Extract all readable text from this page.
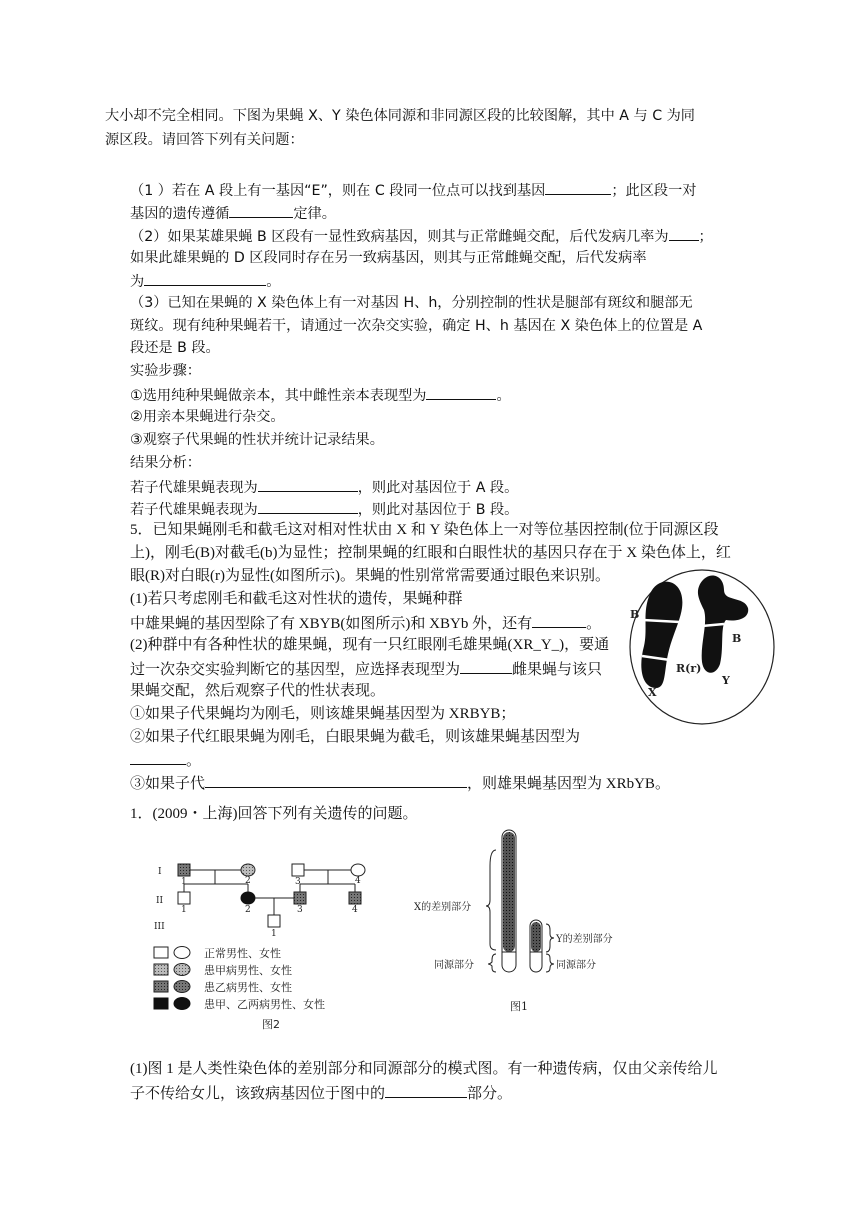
大小却不完全相同。下图为果蝇 X、Y 染色体同源和非同源区段的比较图解，其中 A 与 C 为同
源区段。请回答下列有关问题：
（1 ）若在 A 段上有一基因“E”，则在 C 段同一位点可以找到基因	；此区段一对
基因的遗传遵循	定律。
（2）如果某雄果蝇 B 区段有一显性致病基因，则其与正常雌蝇交配，后代发病几率为 ；
如果此雄果蝇的 D 区段同时存在另一致病基因，则其与正常雌蝇交配，后代发病率
为	。
（3）已知在果蝇的 X 染色体上有一对基因 H、h，分别控制的性状是腿部有斑纹和腿部无
斑纹。现有纯种果蝇若干，请通过一次杂交实验，确定 H、h 基因在 X 染色体上的位置是 A
段还是 B 段。
实验步骤：
①选用纯种果蝇做亲本，其中雌性亲本表现型为	。
②用亲本果蝇进行杂交。
③观察子代果蝇的性状并统计记录结果。
结果分析：
若子代雄果蝇表现为	，则此对基因位于 A 段。
若子代雄果蝇表现为	，则此对基因位于 B 段。
5．已知果蝇刚毛和截毛这对相对性状由 X 和 Y 染色体上一对等位基因控制(位于同源区段
上)，刚毛(B)对截毛(b)为显性；控制果蝇的红眼和白眼性状的基因只存在于 X 染色体上，红
眼(R)对白眼(r)为显性(如图所示)。果蝇的性别常常需要通过眼色来识别。
(1)若只考虑刚毛和截毛这对性状的遗传，果蝇种群
中雄果蝇的基因型除了有 XBYB(如图所示)和 XBYb 外，还有	。
(2)种群中有各种性状的雄果蝇，现有一只红眼刚毛雄果蝇(XR_Y_)，要通
过一次杂交实验判断它的基因型，应选择表现型为	雌果蝇与该只
果蝇交配，然后观察子代的性状表现。
①如果子代果蝇均为刚毛，则该雄果蝇基因型为 XRBYB；
②如果子代红眼果蝇为刚毛，白眼果蝇为截毛，则该雄果蝇基因型为
。
③如果子代	，则雄果蝇基因型为 XRbYB。
B
B
R(r)
X
Y
1．(2009・上海)回答下列有关遗传的问题。
I
II
III
1	2	3	4
1	2	3	4
1
正常男性、女性
患甲病男性、女性
患乙病男性、女性
患甲、乙两病男性、女性
图2
X的差别部分
同源部分
Y的差别部分
同源部分
图1
(1)图 1 是人类性染色体的差别部分和同源部分的模式图。有一种遗传病，仅由父亲传给儿
子不传给女儿，该致病基因位于图中的	部分。
